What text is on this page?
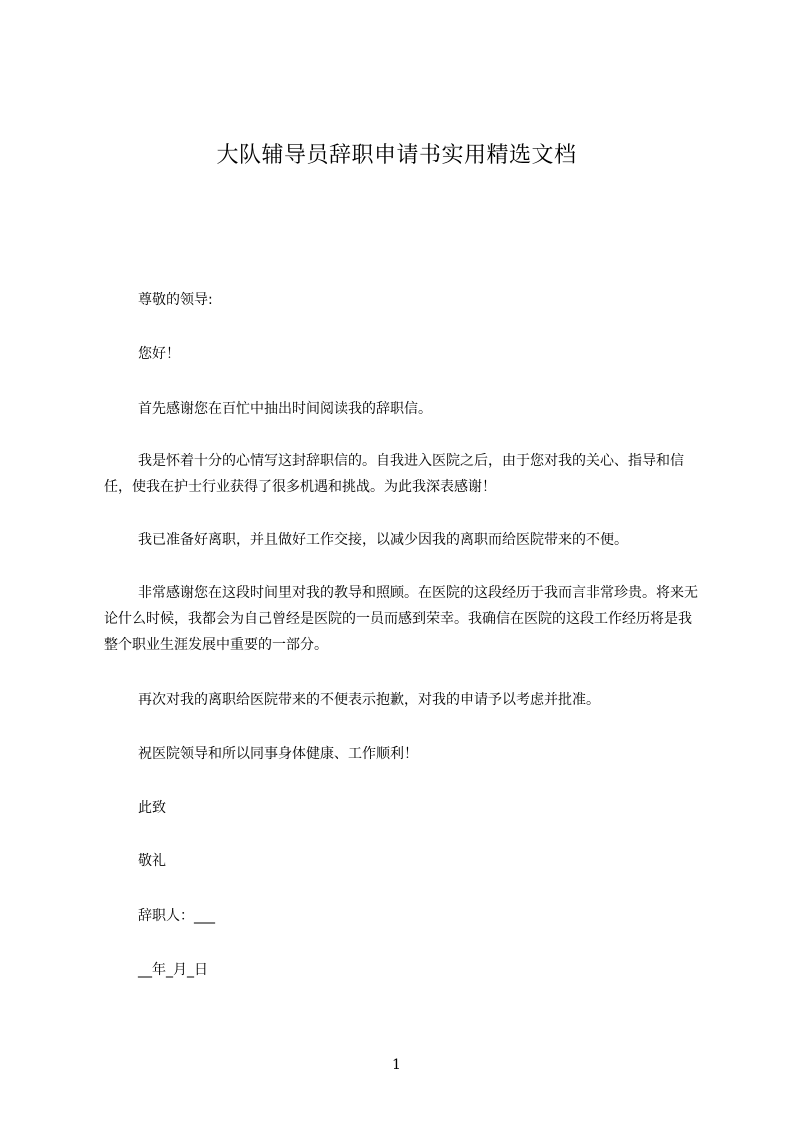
大队辅导员辞职申请书实用精选文档

尊敬的领导:

您好！

首先感谢您在百忙中抽出时间阅读我的辞职信。

我是怀着十分的心情写这封辞职信的。自我进入医院之后，由于您对我的关心、指导和信任，使我在护士行业获得了很多机遇和挑战。为此我深表感谢！

我已准备好离职，并且做好工作交接，以减少因我的离职而给医院带来的不便。

非常感谢您在这段时间里对我的教导和照顾。在医院的这段经历于我而言非常珍贵。将来无论什么时候，我都会为自己曾经是医院的一员而感到荣幸。我确信在医院的这段工作经历将是我整个职业生涯发展中重要的一部分。

再次对我的离职给医院带来的不便表示抱歉，对我的申请予以考虑并批准。

祝医院领导和所以同事身体健康、工作顺利！

此致

敬礼

辞职人：___

__年_月_日

1
